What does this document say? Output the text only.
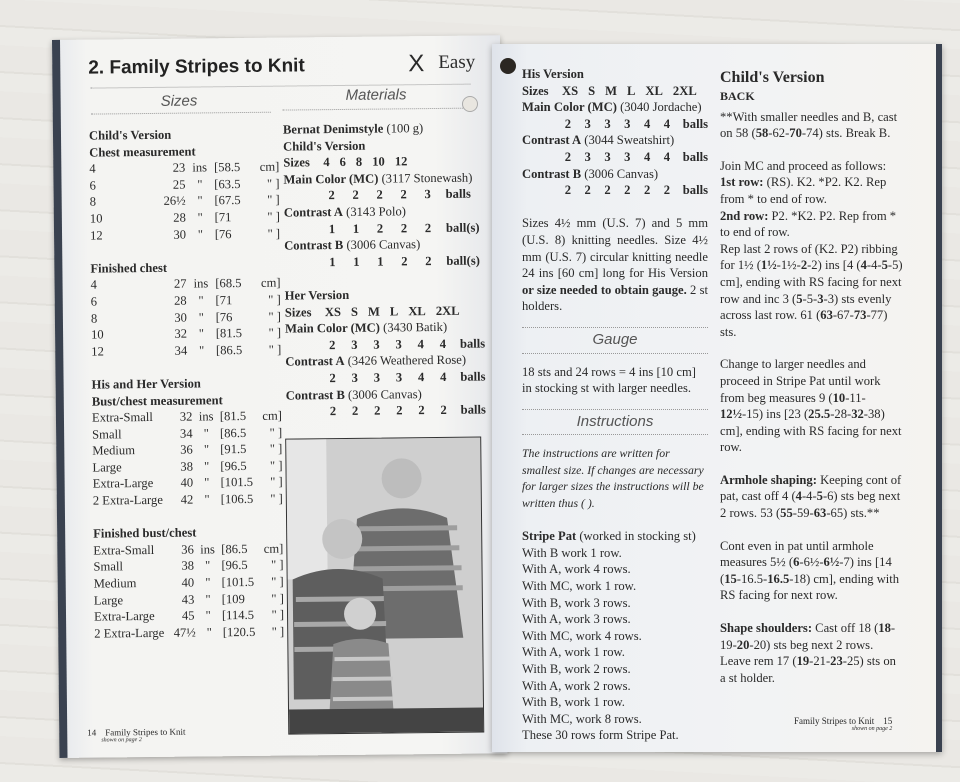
2. Family Stripes to Knit	X Easy
Sizes	Materials
Child's Version
Chest measurement
4	23 ins [58.5	cm]
6	25 " [63.5	" ]
8	26½ " [67.5	" ]
10	28 " [71	" ]
12	30 " [76	" ]
Finished chest
4	27 ins [68.5	cm]
6	28 " [71	" ]
8	30 " [76	" ]
10	32 " [81.5	" ]
12	34 " [86.5	" ]
His and Her Version
Bust/chest measurement
Extra-Small	32 ins [81.5	cm]
Small	34 " [86.5	" ]
Medium	36 " [91.5	" ]
Large	38 " [96.5	" ]
Extra-Large	40 " [101.5	" ]
2 Extra-Large	42 " [106.5	" ]
Finished bust/chest
Extra-Small	36 ins [86.5	cm]
Small	38 " [96.5	" ]
Medium	40 " [101.5	" ]
Large	43 " [109	" ]
Extra-Large	45 " [114.5	" ]
2 Extra-Large 47½ " [120.5	" ]
Bernat Denimstyle (100 g)
Child's Version
Sizes	4 6 8 10 12
Main Color (MC) (3117 Stonewash)
2	2	2	2	3	balls
Contrast A (3143 Polo)
1	1	2	2	2	ball(s)
Contrast B (3006 Canvas)
1	1	1	2	2	ball(s)
Her Version
Sizes	XS S M L XL 2XL
Main Color (MC) (3430 Batik)
2	3	3	3	4	4	balls
Contrast A (3426 Weathered Rose)
2	3	3	3	4	4	balls
Contrast B (3006 Canvas)
2	2	2	2	2	2	balls
14 Family Stripes to Knit
shown on page 2
His Version
Sizes	XS S M L XL 2XL
Main Color (MC) (3040 Jordache)
2	3	3	3	4	4	balls
Contrast A (3044 Sweatshirt)
2	3	3	3	4	4	balls
Contrast B (3006 Canvas)
2	2	2	2	2	2	balls
Sizes 4½ mm (U.S. 7) and 5 mm (U.S. 8) knitting needles. Size 4½ mm (U.S. 7) circular knitting needle 24 ins [60 cm] long for His Version or size needed to obtain gauge. 2 st holders.
Gauge
18 sts and 24 rows = 4 ins [10 cm] in stocking st with larger needles.
Instructions
The instructions are written for smallest size. If changes are necessary for larger sizes the instructions will be written thus ( ).
Stripe Pat (worked in stocking st)
With B work 1 row.
With A, work 4 rows.
With MC, work 1 row.
With B, work 3 rows.
With A, work 3 rows.
With MC, work 4 rows.
With A, work 1 row.
With B, work 2 rows.
With A, work 2 rows.
With B, work 1 row.
With MC, work 8 rows.
These 30 rows form Stripe Pat.
Child's Version
BACK
**With smaller needles and B, cast on 58 (58-62-70-74) sts. Break B.
Join MC and proceed as follows:
1st row: (RS). K2. *P2. K2. Rep from * to end of row.
2nd row: P2. *K2. P2. Rep from * to end of row.
Rep last 2 rows of (K2. P2) ribbing for 1½ (1½-1½-2-2) ins [4 (4-4-5-5) cm], ending with RS facing for next row and inc 3 (5-5-3-3) sts evenly across last row. 61 (63-67-73-77) sts.
Change to larger needles and proceed in Stripe Pat until work from beg measures 9 (10-11-12½-15) ins [23 (25.5-28-32-38) cm], ending with RS facing for next row.
Armhole shaping: Keeping cont of pat, cast off 4 (4-4-5-6) sts beg next 2 rows. 53 (55-59-63-65) sts.**
Cont even in pat until armhole measures 5½ (6-6½-6½-7) ins [14 (15-16.5-16.5-18) cm], ending with RS facing for next row.
Shape shoulders: Cast off 18 (18-19-20-20) sts beg next 2 rows. Leave rem 17 (19-21-23-25) sts on a st holder.
Family Stripes to Knit 15
shown on page 2
